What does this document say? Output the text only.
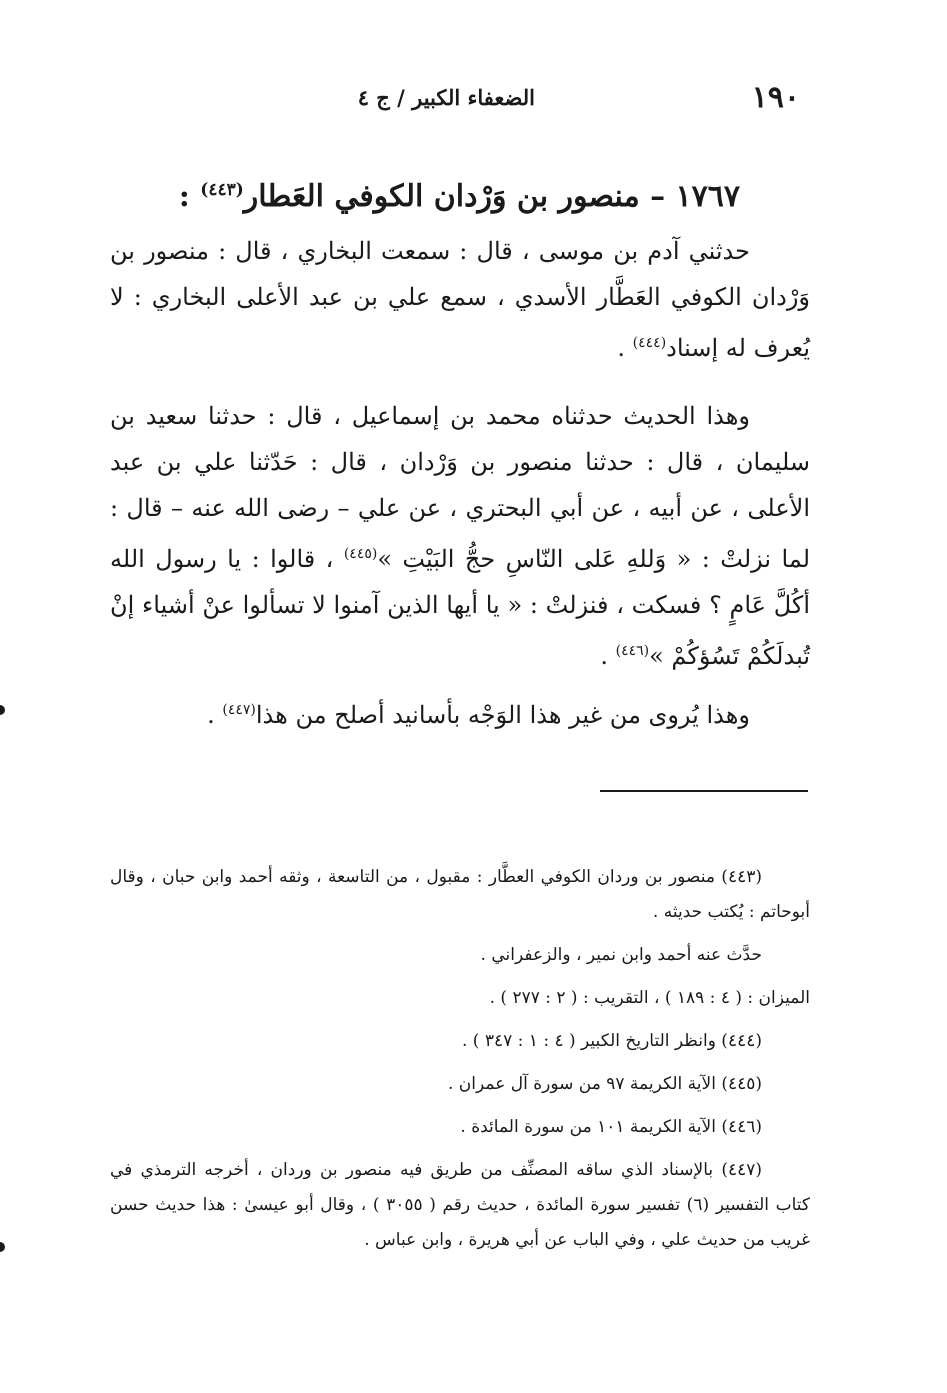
١٩٠
الضعفاء الكبير / ج ٤
١٧٦٧ – منصور بن وَرْدان الكوفي العَطار$^{(٤٤٣)}$ :

حدثني آدم بن موسى ، قال : سمعت البخاري ، قال : منصور بن وَرْدان الكوفي العَطَّار الأسدي ، سمع علي بن عبد الأعلى البخاري : لا يُعرف له إسناد$^{(٤٤٤)}$ .

وهذا الحديث حدثناه محمد بن إسماعيل ، قال : حدثنا سعيد بن سليمان ، قال : حدثنا منصور بن وَرْدان ، قال : حَدّثنا علي بن عبد الأعلى ، عن أبيه ، عن أبي البحتري ، عن علي – رضى الله عنه – قال : لما نزلتْ : « وَللهِ عَلى النّاسِ حجُّ البَيْتِ »$^{(٤٤٥)}$ ، قالوا : يا رسول الله أكُلَّ عَامٍ ؟ فسكت ، فنزلتْ : « يا أيها الذين آمنوا لا تسألوا عنْ أشياء إنْ تُبدلَكُمْ تَسُؤكُمْ »$^{(٤٤٦)}$ .

وهذا يُروى من غير هذا الوَجْه بأسانيد أصلح من هذا$^{(٤٤٧)}$ .

(٤٤٣) منصور بن وردان الكوفي العطَّار : مقبول ، من التاسعة ، وثقه أحمد وابن حبان ، وقال أبوحاتم : يُكتب حديثه .

حدَّث عنه أحمد وابن نمير ، والزعفراني .

الميزان : ( ٤ : ١٨٩ ) ، التقريب : ( ٢ : ٢٧٧ ) .

(٤٤٤) وانظر التاريخ الكبير ( ٤ : ١ : ٣٤٧ ) .

(٤٤٥) الآية الكريمة ٩٧ من سورة آل عمران .

(٤٤٦) الآية الكريمة ١٠١ من سورة المائدة .

(٤٤٧) بالإسناد الذي ساقه المصنِّف من طريق فيه منصور بن وردان ، أخرجه الترمذي في كتاب التفسير (٦) تفسير سورة المائدة ، حديث رقم ( ٣٠٥٥ ) ، وقال أبو عيسىٰ : هذا حديث حسن غريب من حديث علي ، وفي الباب عن أبي هريرة ، وابن عباس .
